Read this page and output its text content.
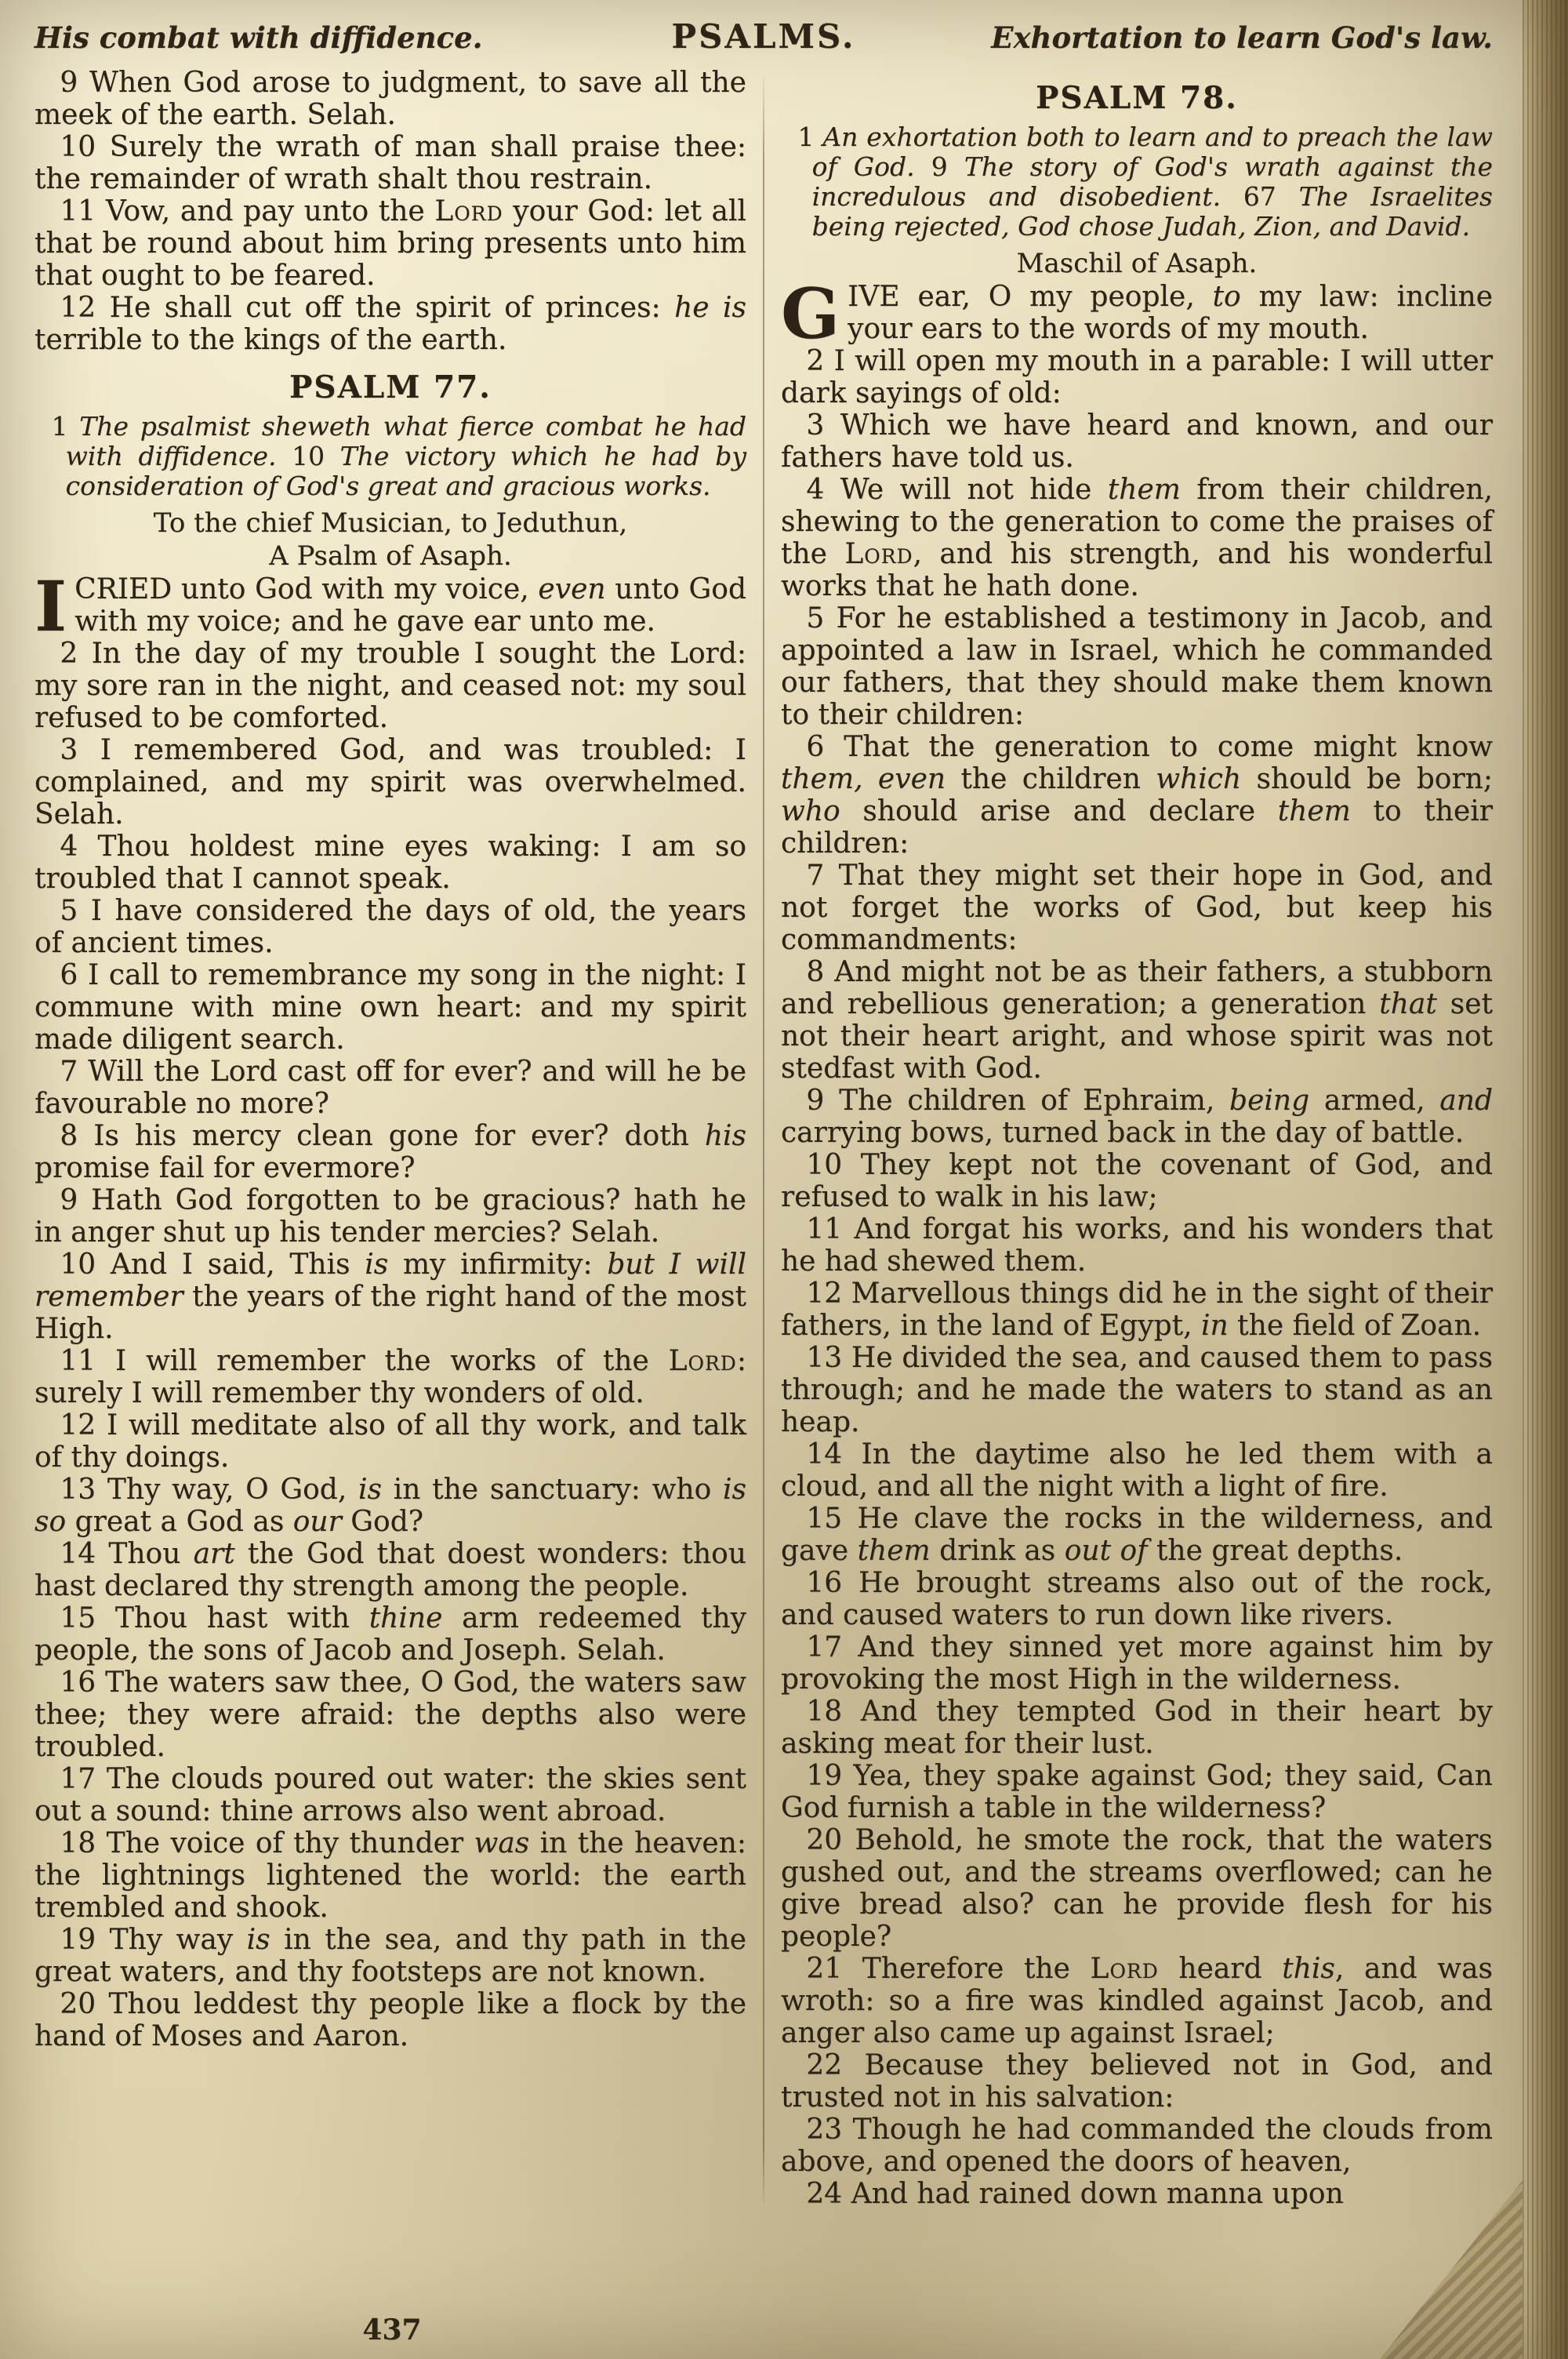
His combat with diffidence.	PSALMS.	Exhortation to learn God's law.

9 When God arose to judgment, to save all the meek of the earth. Selah.

10 Surely the wrath of man shall praise thee: the remainder of wrath shalt thou restrain.

11 Vow, and pay unto the Lord your God: let all that be round about him bring presents unto him that ought to be feared.

12 He shall cut off the spirit of princes: he is terrible to the kings of the earth.

PSALM 77.

1 The psalmist sheweth what fierce combat he had with diffidence. 10 The victory which he had by consideration of God's great and gracious works.

To the chief Musician, to Jeduthun,

A Psalm of Asaph.

ICRIED unto God with my voice, even unto God with my voice; and he gave ear unto me.

2 In the day of my trouble I sought the Lord: my sore ran in the night, and ceased not: my soul refused to be comforted.

3 I remembered God, and was troubled: I complained, and my spirit was overwhelmed. Selah.

4 Thou holdest mine eyes waking: I am so troubled that I cannot speak.

5 I have considered the days of old, the years of ancient times.

6 I call to remembrance my song in the night: I commune with mine own heart: and my spirit made diligent search.

7 Will the Lord cast off for ever? and will he be favourable no more?

8 Is his mercy clean gone for ever? doth his promise fail for evermore?

9 Hath God forgotten to be gracious? hath he in anger shut up his tender mercies? Selah.

10 And I said, This is my infirmity: but I will remember the years of the right hand of the most High.

11 I will remember the works of the Lord: surely I will remember thy wonders of old.

12 I will meditate also of all thy work, and talk of thy doings.

13 Thy way, O God, is in the sanctuary: who is so great a God as our God?

14 Thou art the God that doest wonders: thou hast declared thy strength among the people.

15 Thou hast with thine arm redeemed thy people, the sons of Jacob and Joseph. Selah.

16 The waters saw thee, O God, the waters saw thee; they were afraid: the depths also were troubled.

17 The clouds poured out water: the skies sent out a sound: thine arrows also went abroad.

18 The voice of thy thunder was in the heaven: the lightnings lightened the world: the earth trembled and shook.

19 Thy way is in the sea, and thy path in the great waters, and thy footsteps are not known.

20 Thou leddest thy people like a flock by the hand of Moses and Aaron.

PSALM 78.

1 An exhortation both to learn and to preach the law of God. 9 The story of God's wrath against the incredulous and disobedient. 67 The Israelites being rejected, God chose Judah, Zion, and David.

Maschil of Asaph.

GIVE ear, O my people, to my law: incline your ears to the words of my mouth.

2 I will open my mouth in a parable: I will utter dark sayings of old:

3 Which we have heard and known, and our fathers have told us.

4 We will not hide them from their children, shewing to the generation to come the praises of the Lord, and his strength, and his wonderful works that he hath done.

5 For he established a testimony in Jacob, and appointed a law in Israel, which he commanded our fathers, that they should make them known to their children:

6 That the generation to come might know them, even the children which should be born; who should arise and declare them to their children:

7 That they might set their hope in God, and not forget the works of God, but keep his commandments:

8 And might not be as their fathers, a stubborn and rebellious generation; a generation that set not their heart aright, and whose spirit was not stedfast with God.

9 The children of Ephraim, being armed, and carrying bows, turned back in the day of battle.

10 They kept not the covenant of God, and refused to walk in his law;

11 And forgat his works, and his wonders that he had shewed them.

12 Marvellous things did he in the sight of their fathers, in the land of Egypt, in the field of Zoan.

13 He divided the sea, and caused them to pass through; and he made the waters to stand as an heap.

14 In the daytime also he led them with a cloud, and all the night with a light of fire.

15 He clave the rocks in the wilderness, and gave them drink as out of the great depths.

16 He brought streams also out of the rock, and caused waters to run down like rivers.

17 And they sinned yet more against him by provoking the most High in the wilderness.

18 And they tempted God in their heart by asking meat for their lust.

19 Yea, they spake against God; they said, Can God furnish a table in the wilderness?

20 Behold, he smote the rock, that the waters gushed out, and the streams overflowed; can he give bread also? can he provide flesh for his people?

21 Therefore the Lord heard this, and was wroth: so a fire was kindled against Jacob, and anger also came up against Israel;

22 Because they believed not in God, and trusted not in his salvation:

23 Though he had commanded the clouds from above, and opened the doors of heaven,

24 And had rained down manna upon

437
